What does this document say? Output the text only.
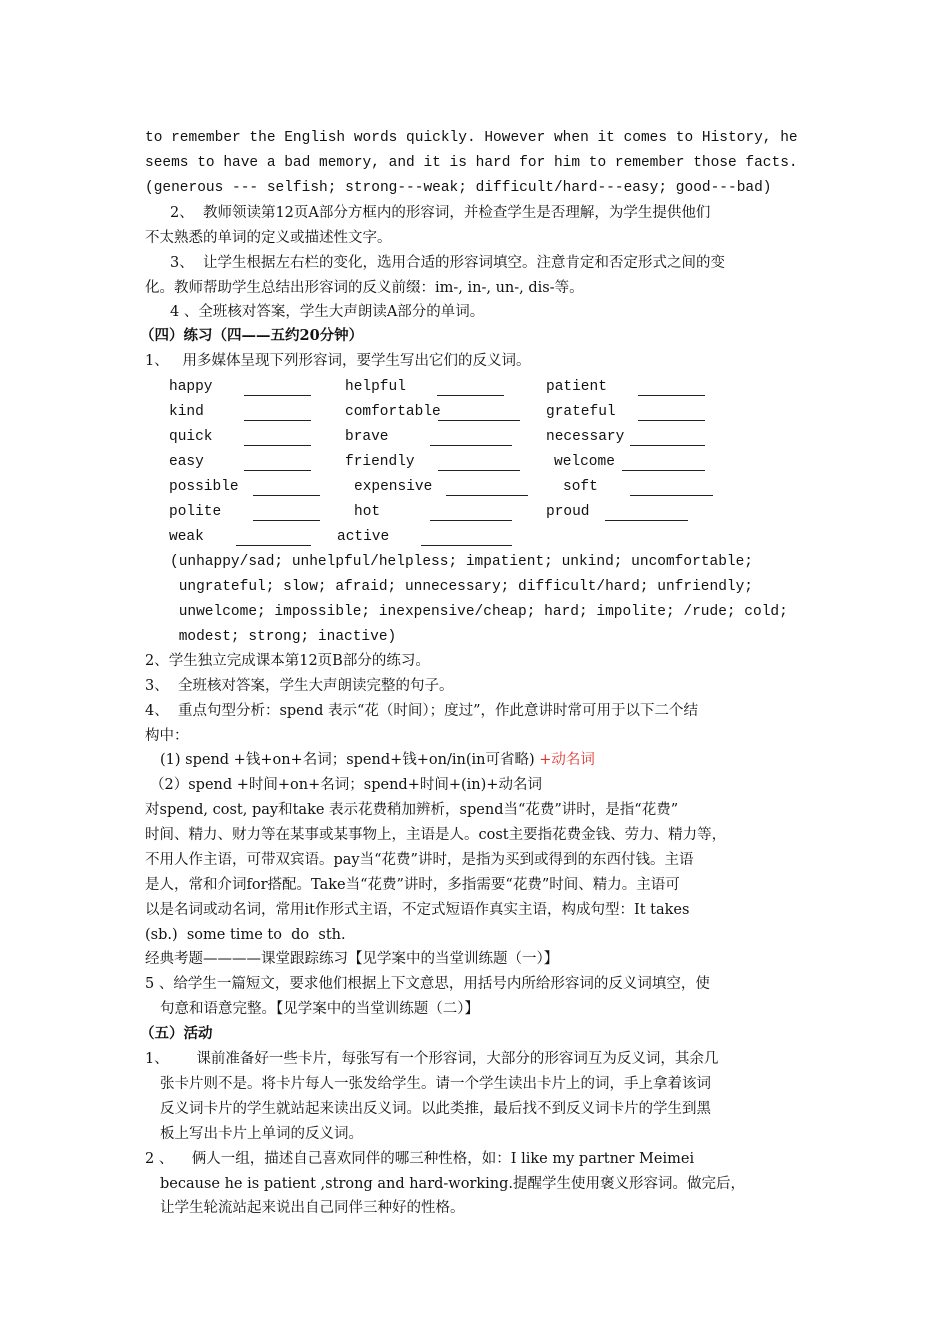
to remember the English words quickly. However when it comes to History, he
seems to have a bad memory, and it is hard for him to remember those facts.
(generous --- selfish; strong---weak; difficult/hard---easy; good---bad)
2、  教师领读第12页A部分方框内的形容词，并检查学生是否理解，为学生提供他们
不太熟悉的单词的定义或描述性文字。
3、  让学生根据左右栏的变化，选用合适的形容词填空。注意肯定和否定形式之间的变
化。教师帮助学生总结出形容词的反义前缀：im-, in-, un-, dis-等。
4 、全班核对答案，学生大声朗读A部分的单词。
（四）练习（四——五约20分钟）
1、   用多媒体呈现下列形容词，要学生写出它们的反义词。
happy	helpful	patient
kind	comfortable	grateful
quick	brave	necessary
easy	friendly	welcome
possible	expensive	soft
polite	hot	proud
weak	active
(unhappy/sad; unhelpful/helpless; impatient; unkind; uncomfortable;
ungrateful; slow; afraid; unnecessary; difficult/hard; unfriendly;
unwelcome; impossible; inexpensive/cheap; hard; impolite; /rude; cold;
modest; strong; inactive)
2、学生独立完成课本第12页B部分的练习。
3、  全班核对答案，学生大声朗读完整的句子。
4、  重点句型分析：spend 表示“花（时间）；度过”，作此意讲时常可用于以下二个结
构中：
(1) spend +钱+on+名词；spend+钱+on/in(in可省略) +动名词
（2）spend +时间+on+名词；spend+时间+(in)+动名词
对spend, cost, pay和take 表示花费稍加辨析，spend当“花费”讲时，是指“花费”
时间、精力、财力等在某事或某事物上，主语是人。cost主要指花费金钱、劳力、精力等，
不用人作主语，可带双宾语。pay当“花费”讲时，是指为买到或得到的东西付钱。主语
是人，常和介词for搭配。Take当“花费”讲时，多指需要“花费”时间、精力。主语可
以是名词或动名词，常用it作形式主语，不定式短语作真实主语，构成句型：It takes
(sb.)  some time to  do  sth.
经典考题————课堂跟踪练习【见学案中的当堂训练题（一）】
5 、给学生一篇短文，要求他们根据上下文意思，用括号内所给形容词的反义词填空，使
句意和语意完整。【见学案中的当堂训练题（二）】
（五）活动
1、      课前准备好一些卡片，每张写有一个形容词，大部分的形容词互为反义词，其余几
张卡片则不是。将卡片每人一张发给学生。请一个学生读出卡片上的词，手上拿着该词
反义词卡片的学生就站起来读出反义词。以此类推，最后找不到反义词卡片的学生到黑
板上写出卡片上单词的反义词。
2 、    俩人一组，描述自己喜欢同伴的哪三种性格，如：I like my partner Meimei
because he is patient ,strong and hard-working.提醒学生使用褒义形容词。做完后，
让学生轮流站起来说出自己同伴三种好的性格。
